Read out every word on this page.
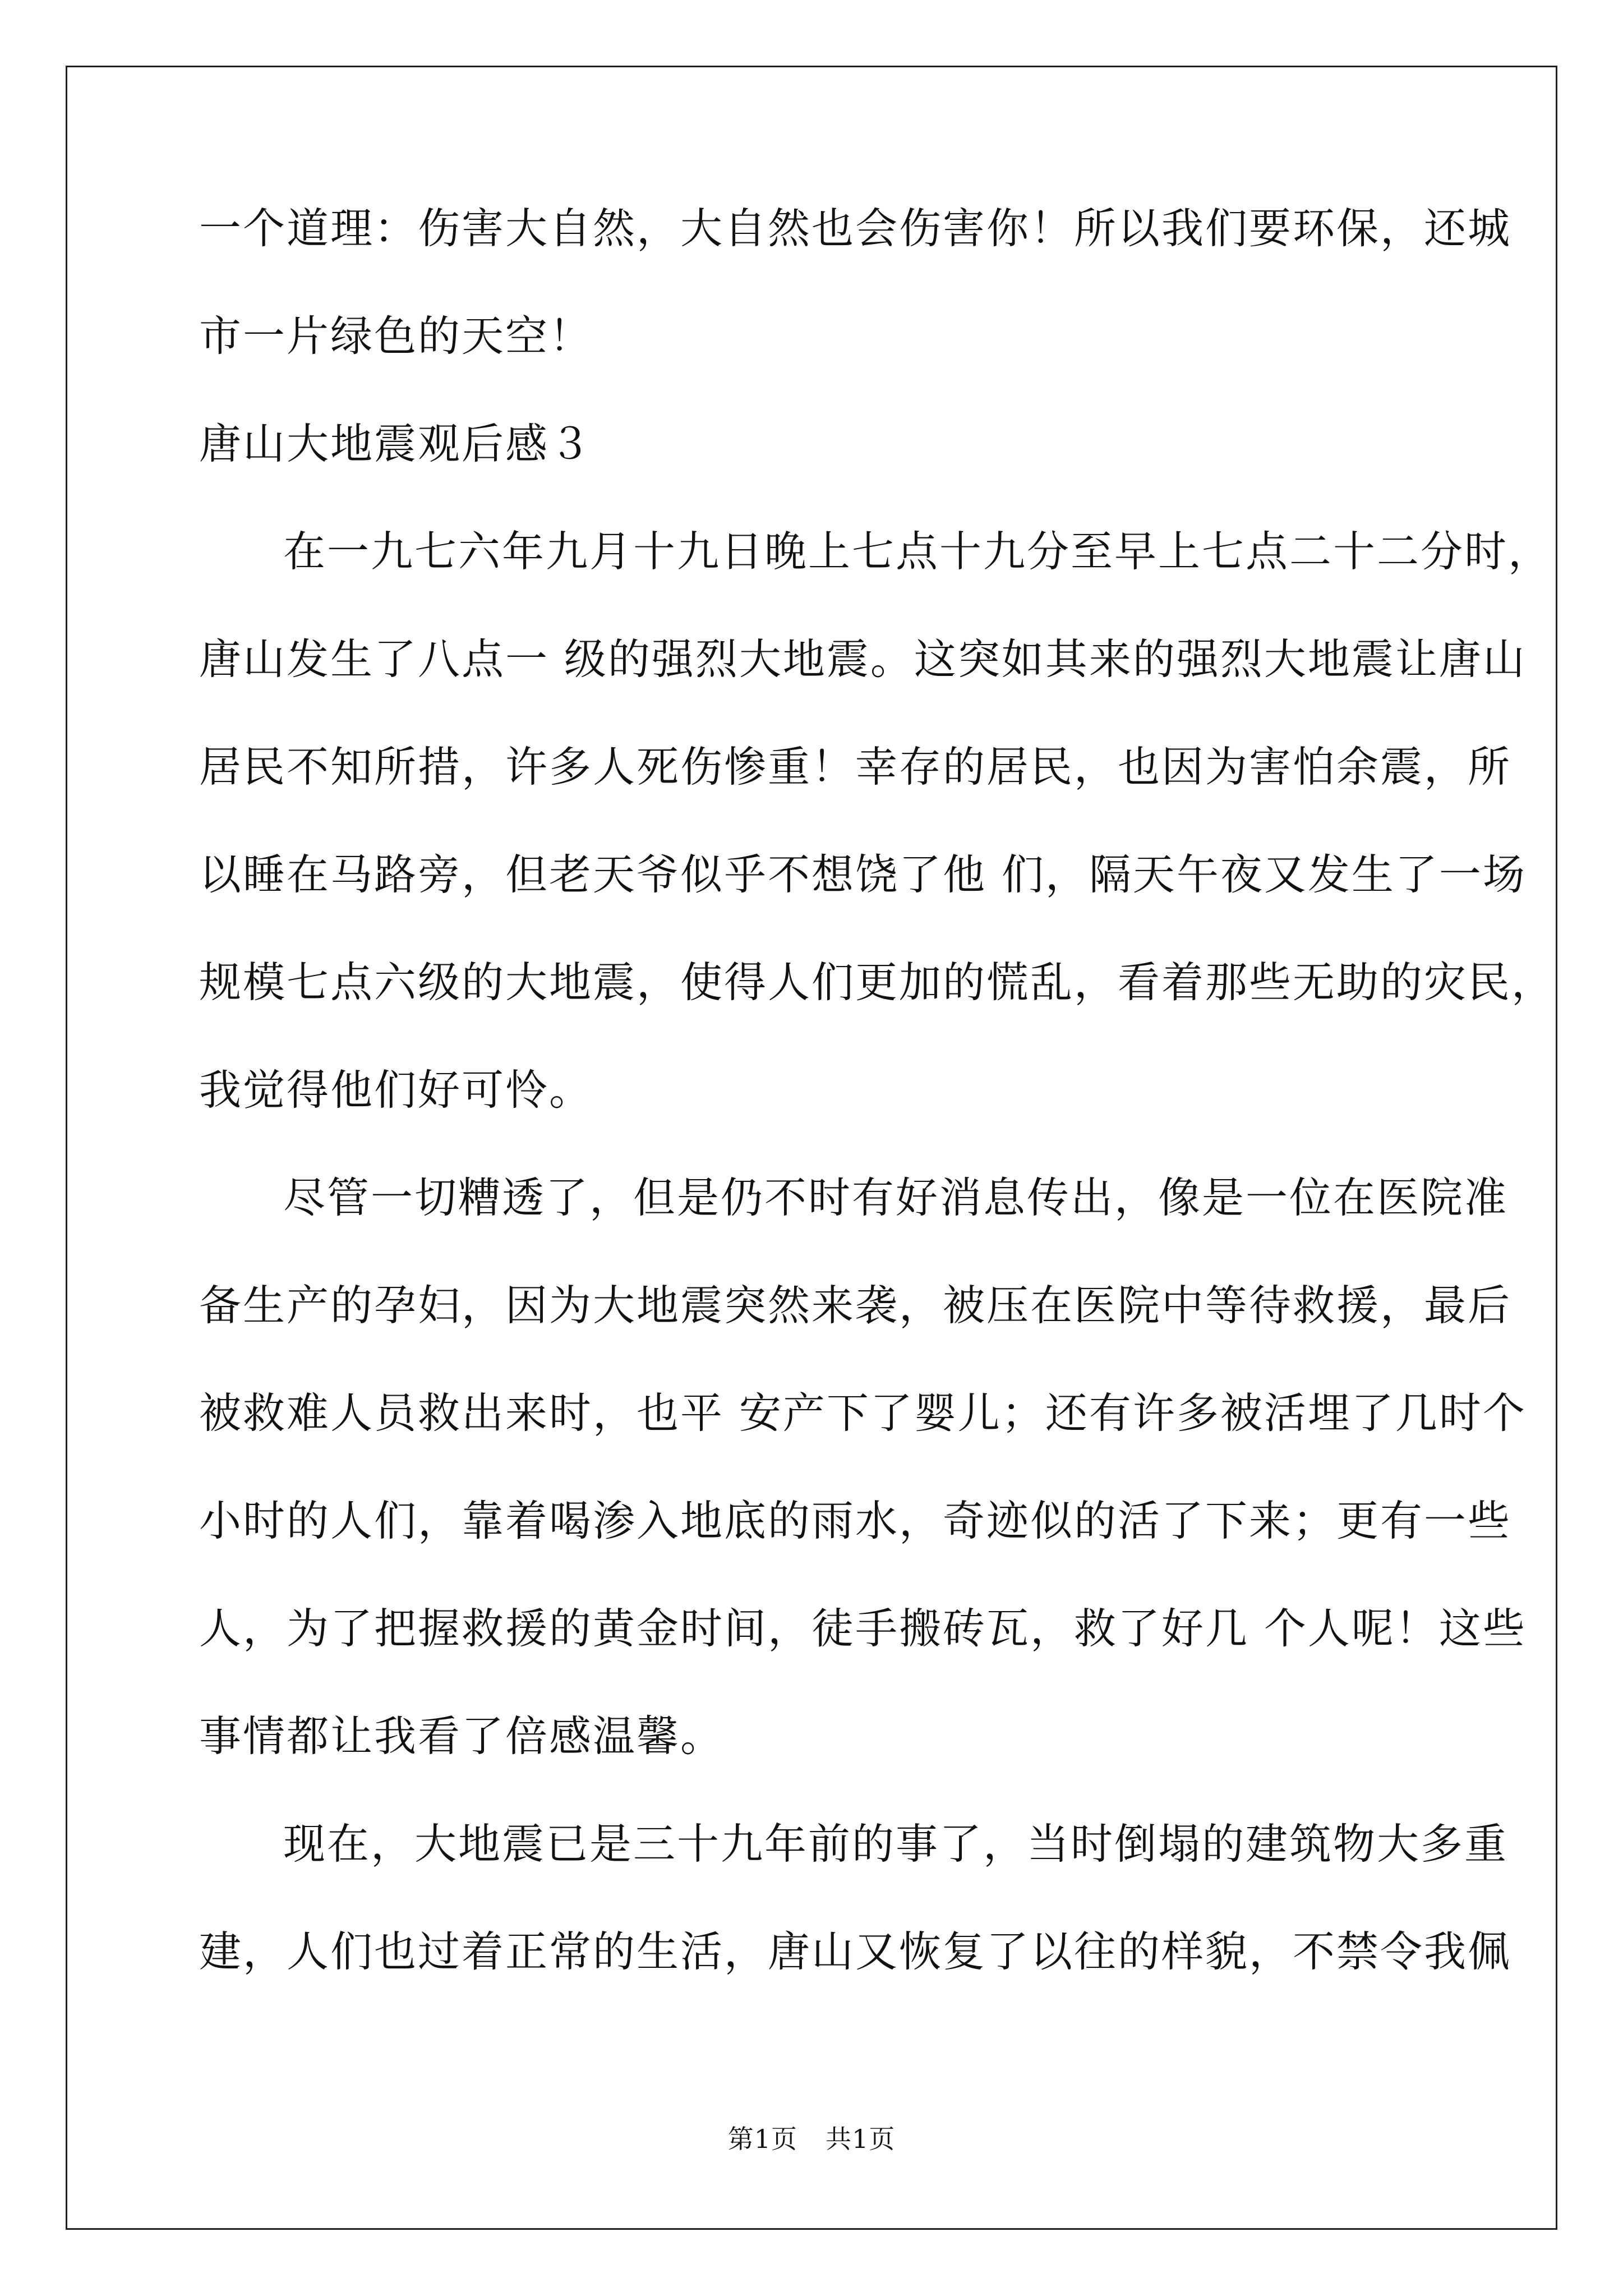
一个道理：伤害大自然，大自然也会伤害你！所以我们要环保，还城
市一片绿色的天空！
唐山大地震观后感３
在一九七六年九月十九日晚上七点十九分至早上七点二十二分时，
唐山发生了八点一 级的强烈大地震。这突如其来的强烈大地震让唐山
居民不知所措，许多人死伤惨重！幸存的居民，也因为害怕余震，所
以睡在马路旁，但老天爷似乎不想饶了他 们，隔天午夜又发生了一场
规模七点六级的大地震，使得人们更加的慌乱，看着那些无助的灾民，
我觉得他们好可怜。
尽管一切糟透了，但是仍不时有好消息传出，像是一位在医院准
备生产的孕妇，因为大地震突然来袭，被压在医院中等待救援，最后
被救难人员救出来时，也平 安产下了婴儿；还有许多被活埋了几时个
小时的人们，靠着喝渗入地底的雨水，奇迹似的活了下来；更有一些
人，为了把握救援的黄金时间，徒手搬砖瓦，救了好几 个人呢！这些
事情都让我看了倍感温馨。
现在，大地震已是三十九年前的事了，当时倒塌的建筑物大多重
建，人们也过着正常的生活，唐山又恢复了以往的样貌，不禁令我佩
第1页 共1页
